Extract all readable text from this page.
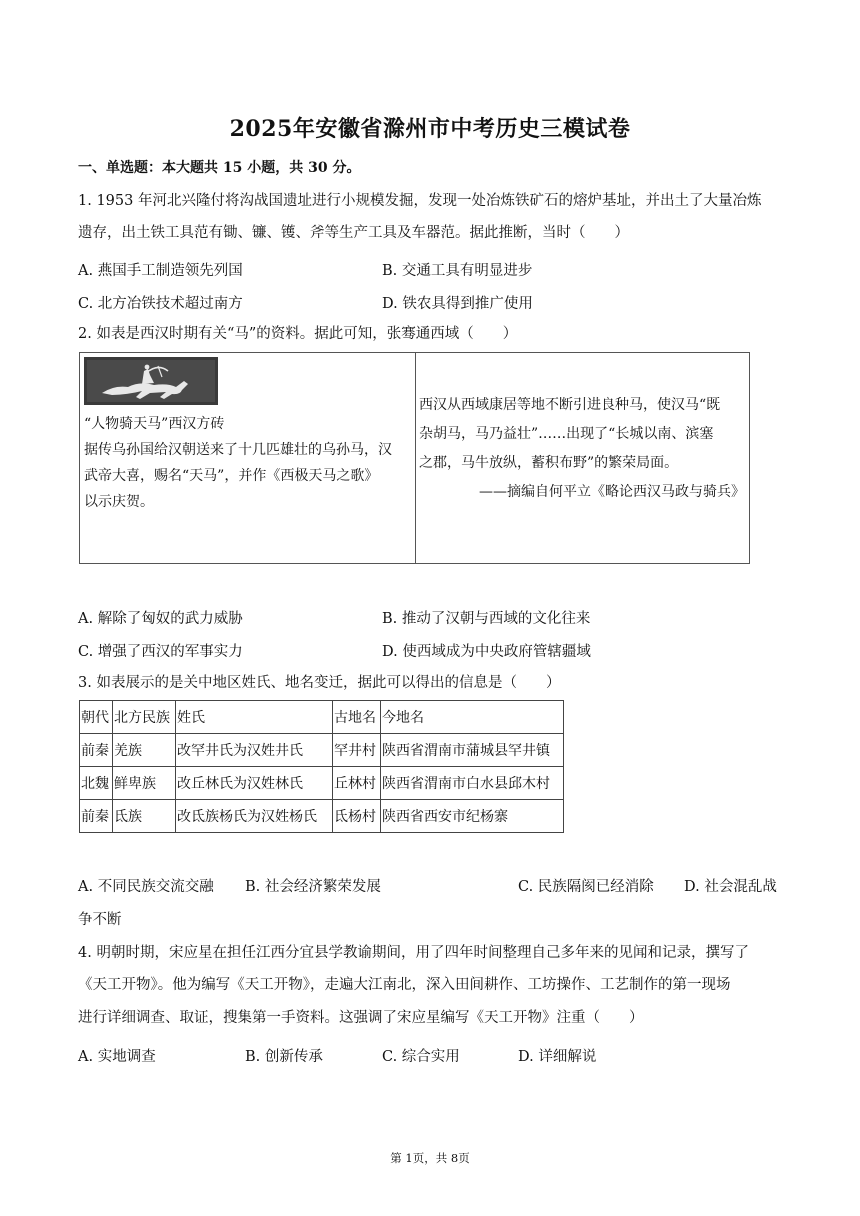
2025年安徽省滁州市中考历史三模试卷
一、单选题：本大题共 15 小题，共 30 分。
1. 1953 年河北兴隆付将沟战国遗址进行小规模发掘，发现一处冶炼铁矿石的熔炉基址，并出土了大量冶炼
遗存，出土铁工具范有锄、镰、镬、斧等生产工具及车器范。据此推断，当时（　　）
A. 燕国手工制造领先列国	B. 交通工具有明显进步
C. 北方冶铁技术超过南方	D. 铁农具得到推广使用
2. 如表是西汉时期有关“马”的资料。据此可知，张骞通西域（　　）
“人物骑天马”西汉方砖
据传乌孙国给汉朝送来了十几匹雄壮的乌孙马，汉
武帝大喜，赐名“天马”，并作《西极天马之歌》
以示庆贺。

西汉从西域康居等地不断引进良种马，使汉马“既
杂胡马，马乃益壮”……出现了“长城以南、滨塞
之郡，马牛放纵，蓄积布野”的繁荣局面。
——摘编自何平立《略论西汉马政与骑兵》
A. 解除了匈奴的武力威胁	B. 推动了汉朝与西域的文化往来
C. 增强了西汉的军事实力	D. 使西域成为中央政府管辖疆域
3. 如表展示的是关中地区姓氏、地名变迁，据此可以得出的信息是（　　）
朝代	北方民族	姓氏	古地名	今地名
前秦	羌族	改罕井氏为汉姓井氏	罕井村	陕西省渭南市蒲城县罕井镇
北魏	鲜卑族	改丘林氏为汉姓林氏	丘林村	陕西省渭南市白水县邱木村
前秦	氐族	改氐族杨氏为汉姓杨氏	氐杨村	陕西省西安市纪杨寨
A. 不同民族交流交融 B. 社会经济繁荣发展	C. 民族隔阂已经消除 D. 社会混乱战
争不断
4. 明朝时期，宋应星在担任江西分宜县学教谕期间，用了四年时间整理自己多年来的见闻和记录，撰写了
《天工开物》。他为编写《天工开物》，走遍大江南北，深入田间耕作、工坊操作、工艺制作的第一现场
进行详细调查、取证，搜集第一手资料。这强调了宋应星编写《天工开物》注重（　　）
A. 实地调查	B. 创新传承	C. 综合实用	D. 详细解说
第 1页，共 8页
